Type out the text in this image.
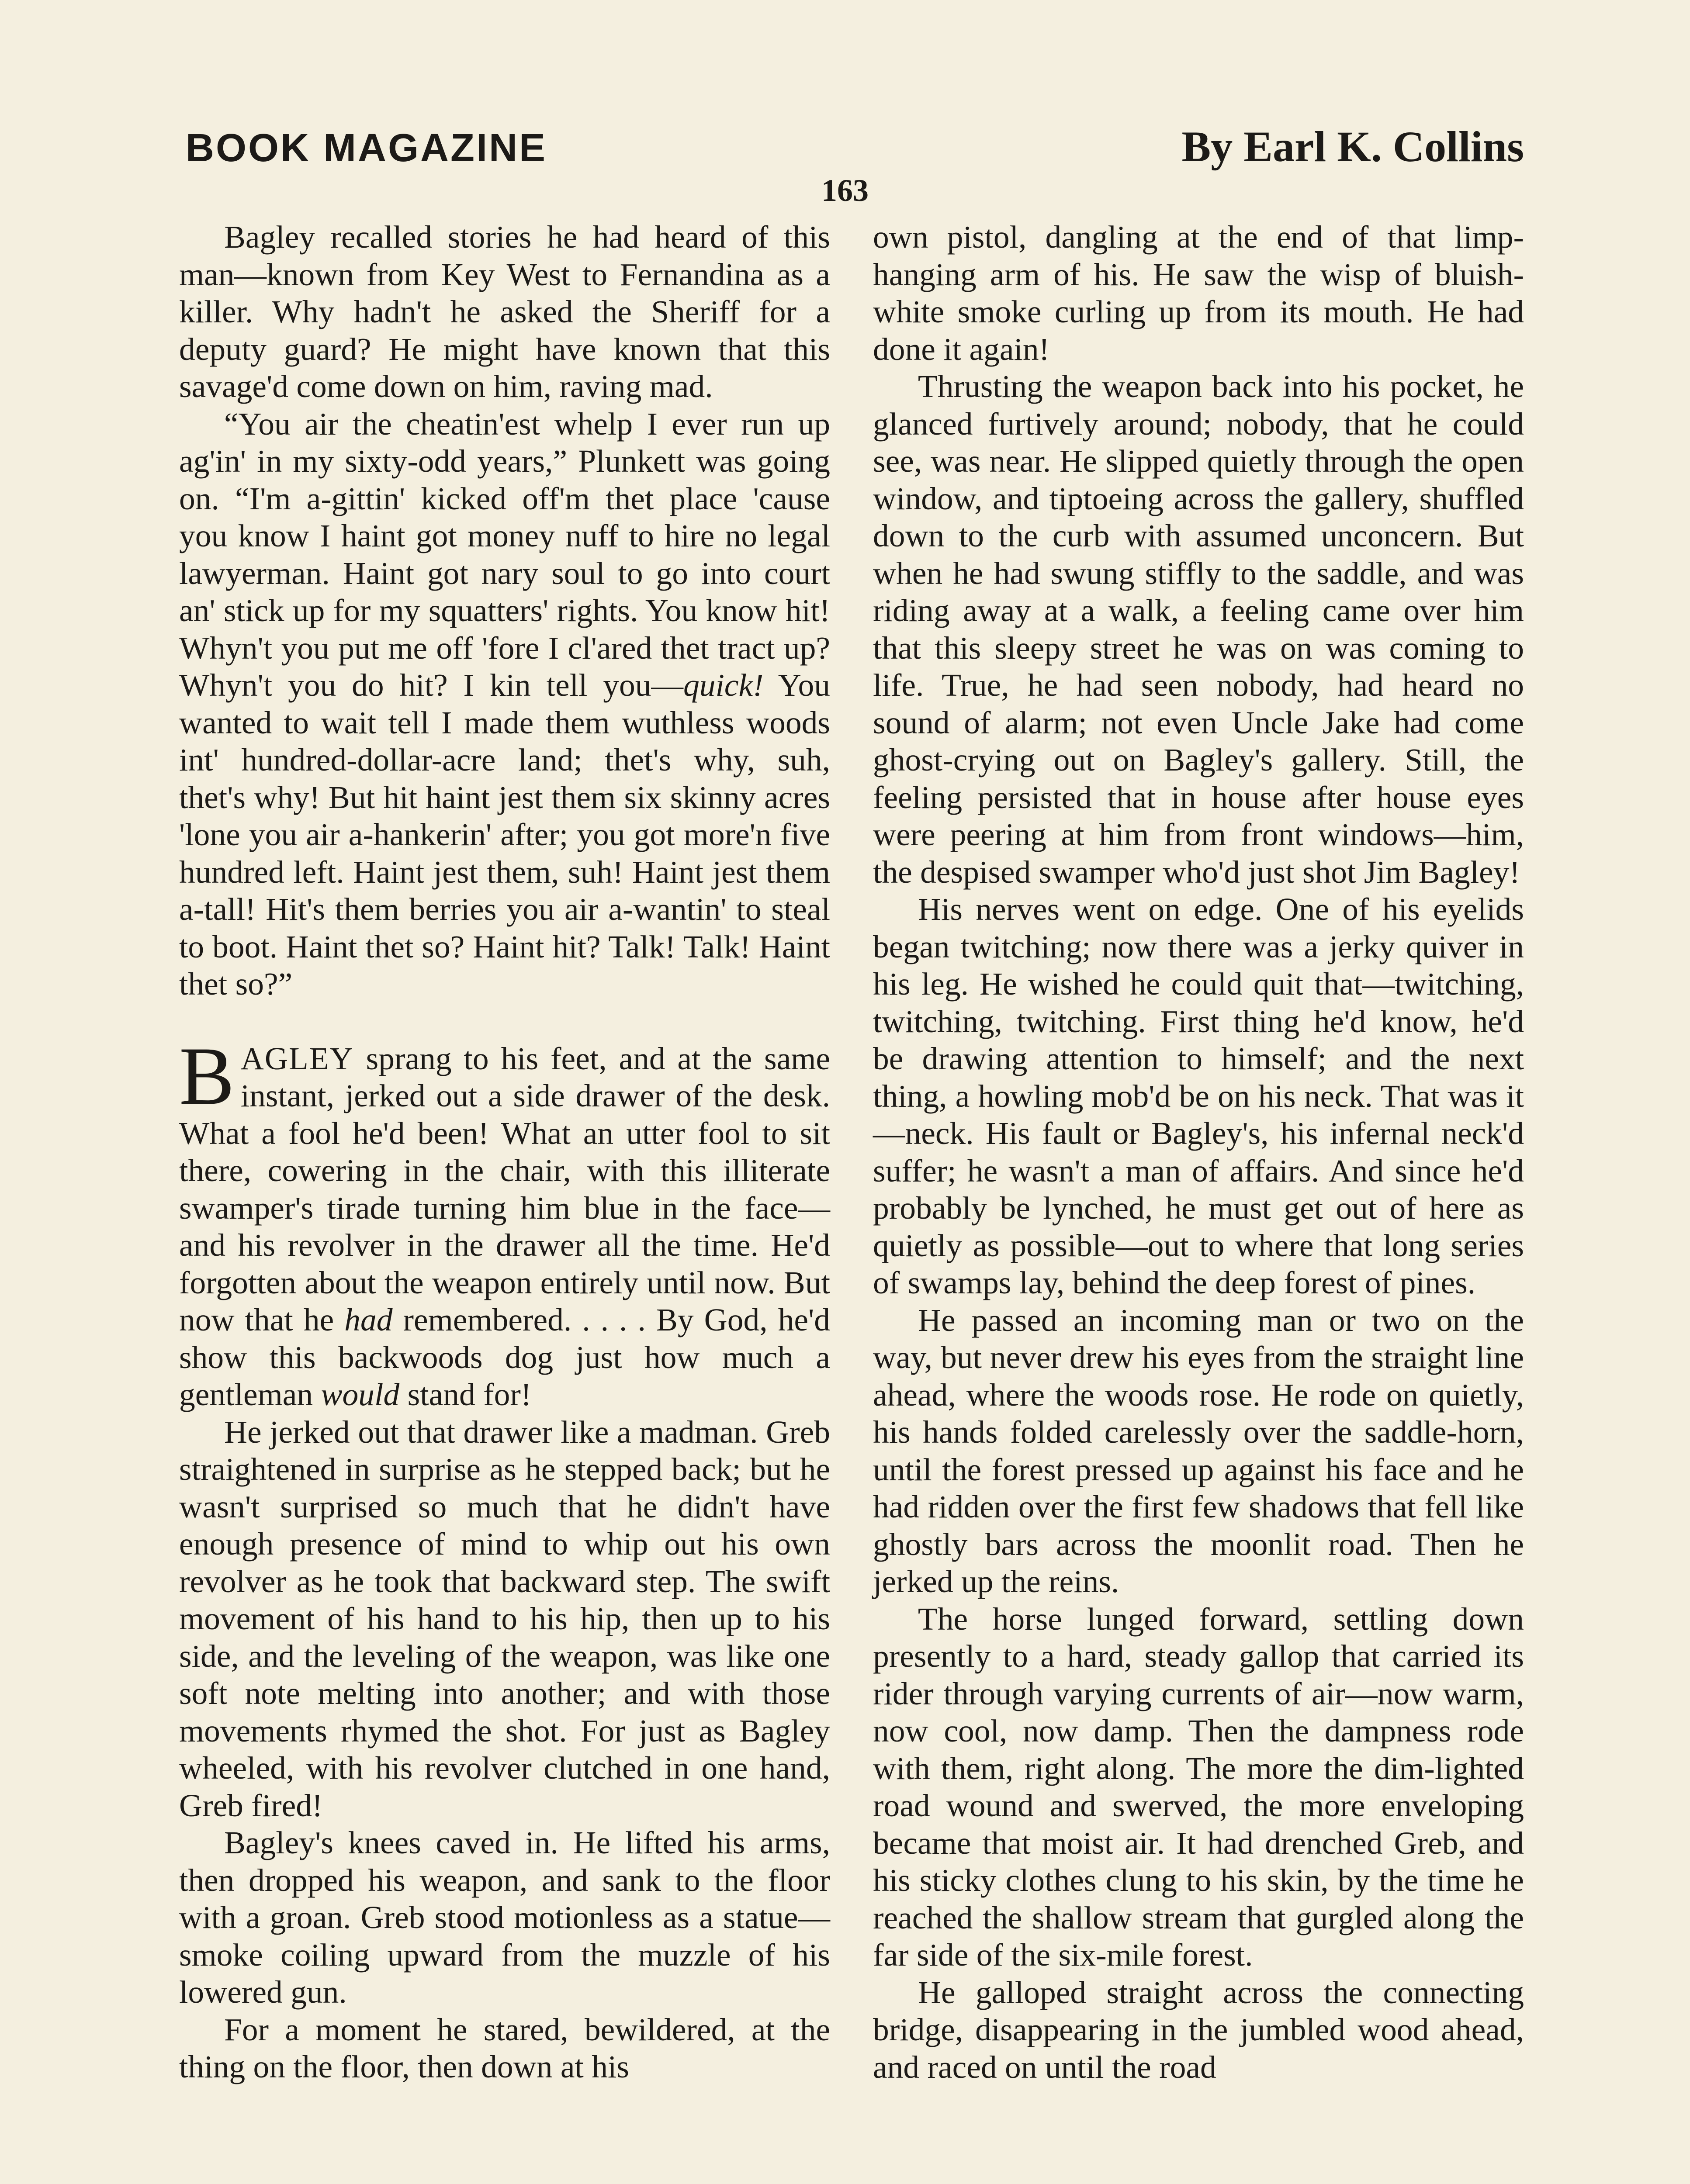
BOOK MAGAZINE	By Earl K. Collins
163

Bagley recalled stories he had heard of this man—known from Key West to Fernandina as a killer. Why hadn't he asked the Sheriff for a deputy guard? He might have known that this savage'd come down on him, raving mad.

“You air the cheatin'est whelp I ever run up ag'in' in my sixty-odd years,” Plunkett was going on. “I'm a-gittin' kicked off'm thet place 'cause you know I haint got money nuff to hire no legal lawyerman. Haint got nary soul to go into court an' stick up for my squatters' rights. You know hit! Whyn't you put me off 'fore I cl'ared thet tract up? Whyn't you do hit? I kin tell you—quick! You wanted to wait tell I made them wuthless woods int' hundred-dollar-acre land; thet's why, suh, thet's why! But hit haint jest them six skinny acres 'lone you air a-hankerin' after; you got more'n five hundred left. Haint jest them, suh! Haint jest them a-tall! Hit's them berries you air a-wantin' to steal to boot. Haint thet so? Haint hit? Talk! Talk! Haint thet so?”

BAGLEY sprang to his feet, and at the same instant, jerked out a side drawer of the desk. What a fool he'd been! What an utter fool to sit there, cowering in the chair, with this illiterate swamper's tirade turning him blue in the face—and his revolver in the drawer all the time. He'd forgotten about the weapon entirely until now. But now that he had remembered. . . . . By God, he'd show this backwoods dog just how much a gentleman would stand for!

He jerked out that drawer like a madman. Greb straightened in surprise as he stepped back; but he wasn't surprised so much that he didn't have enough presence of mind to whip out his own revolver as he took that backward step. The swift movement of his hand to his hip, then up to his side, and the leveling of the weapon, was like one soft note melting into another; and with those movements rhymed the shot. For just as Bagley wheeled, with his revolver clutched in one hand, Greb fired!

Bagley's knees caved in. He lifted his arms, then dropped his weapon, and sank to the floor with a groan. Greb stood motionless as a statue—smoke coiling upward from the muzzle of his lowered gun.

For a moment he stared, bewildered, at the thing on the floor, then down at his

own pistol, dangling at the end of that limp-hanging arm of his. He saw the wisp of bluish-white smoke curling up from its mouth. He had done it again!

Thrusting the weapon back into his pocket, he glanced furtively around; nobody, that he could see, was near. He slipped quietly through the open window, and tiptoeing across the gallery, shuffled down to the curb with assumed unconcern. But when he had swung stiffly to the saddle, and was riding away at a walk, a feeling came over him that this sleepy street he was on was coming to life. True, he had seen nobody, had heard no sound of alarm; not even Uncle Jake had come ghost-crying out on Bagley's gallery. Still, the feeling persisted that in house after house eyes were peering at him from front windows—him, the despised swamper who'd just shot Jim Bagley!

His nerves went on edge. One of his eyelids began twitching; now there was a jerky quiver in his leg. He wished he could quit that—twitching, twitching, twitching. First thing he'd know, he'd be drawing attention to himself; and the next thing, a howling mob'd be on his neck. That was it—neck. His fault or Bagley's, his infernal neck'd suffer; he wasn't a man of affairs. And since he'd probably be lynched, he must get out of here as quietly as possible—out to where that long series of swamps lay, behind the deep forest of pines.

He passed an incoming man or two on the way, but never drew his eyes from the straight line ahead, where the woods rose. He rode on quietly, his hands folded carelessly over the saddle-horn, until the forest pressed up against his face and he had ridden over the first few shadows that fell like ghostly bars across the moonlit road. Then he jerked up the reins.

The horse lunged forward, settling down presently to a hard, steady gallop that carried its rider through varying currents of air—now warm, now cool, now damp. Then the dampness rode with them, right along. The more the dim-lighted road wound and swerved, the more enveloping became that moist air. It had drenched Greb, and his sticky clothes clung to his skin, by the time he reached the shallow stream that gurgled along the far side of the six-mile forest.

He galloped straight across the connecting bridge, disappearing in the jumbled wood ahead, and raced on until the road
